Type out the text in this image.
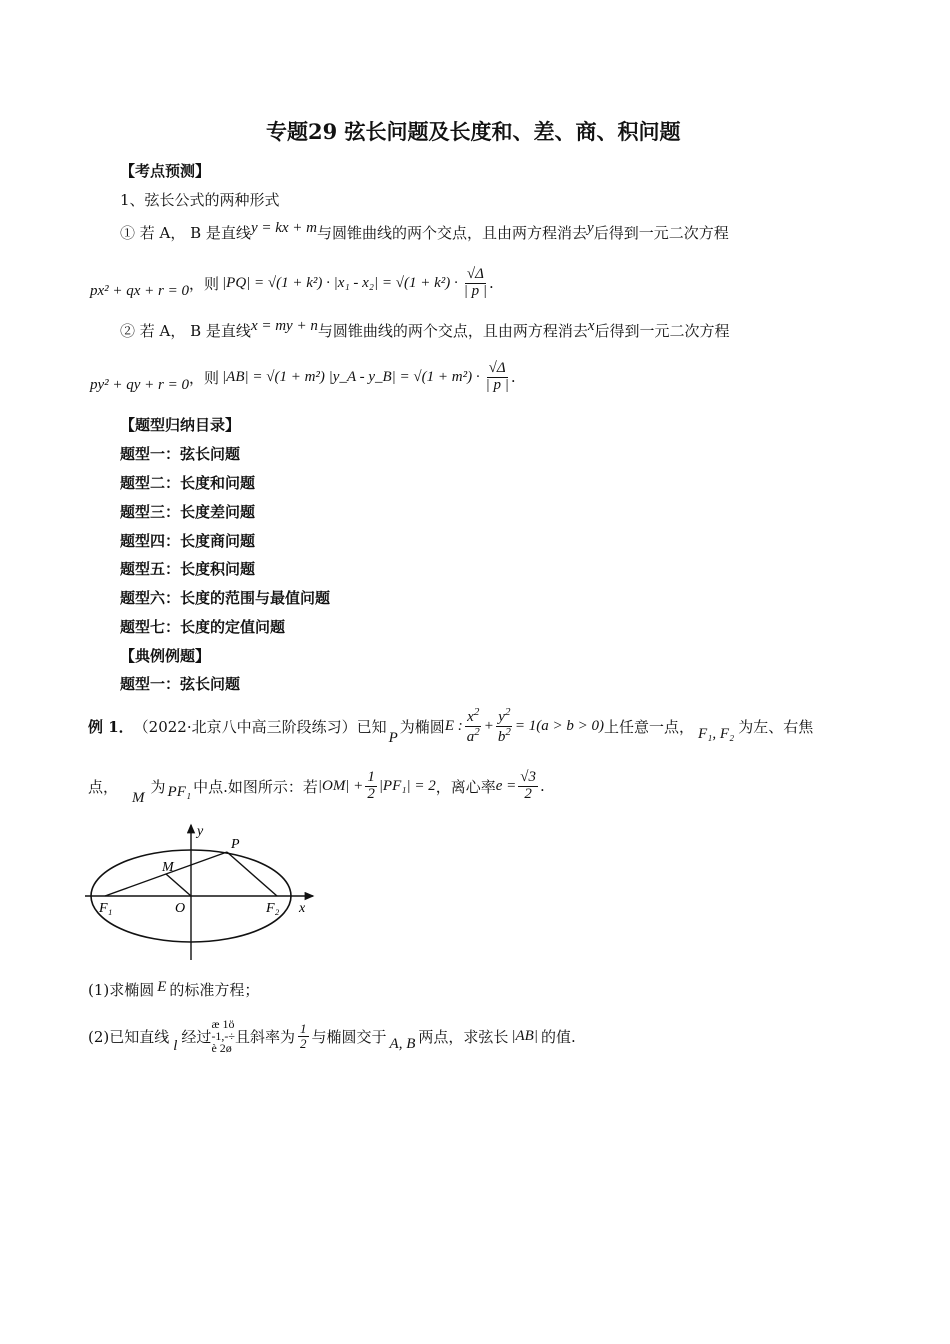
专题29 弦长问题及长度和、差、商、积问题
【考点预测】
1、弦长公式的两种形式
① 若 A， B 是直线y = kx + m与圆锥曲线的两个交点，且由两方程消去y后得到一元二次方程
px² + qx + r = 0 ，则 $|PQ| = √(1 + k^2) \cdot |x_1 - x_2| = √(1 + k^2) \cdot \frac{√\Delta}{| p |}$ .
② 若 A， B 是直线x = my + n与圆锥曲线的两个交点，且由两方程消去x后得到一元二次方程
py² + qy + r = 0 ，则 |AB| = √(1 + m²) |y_A - y_B| = $√(1 + m^2) \cdot \frac{√\Delta}{| p |}$ .
【题型归纳目录】
题型一：弦长问题
题型二：长度和问题
题型三：长度差问题
题型四：长度商问题
题型五：长度积问题
题型六：长度的范围与最值问题
题型七：长度的定值问题
【典例例题】
题型一：弦长问题
例 1． （2022·北京八中高三阶段练习）已知
P
为椭圆 E : $\frac{x^2}{a^2} + \frac{y^2}{b^2} = 1(a > b > 0)$ 上任意一点， F₁, F₂ 为左、右焦
点，
M
为 PF₁ 中点.如图所示：若 $|OM| + \frac{1}{2} |PF_1| = 2$ ，离心率 $e = \frac{√3}{2}$ .
y
x
P
M
O
F₁	F₂
(1)求椭圆 E 的标准方程；
(2)已知直线 l 经过
æ 1ö
-1,-÷
è 2ø
且斜率为 $\frac{1}{2}$ 与椭圆交于 A, B 两点，求弦长 |AB| 的值.
